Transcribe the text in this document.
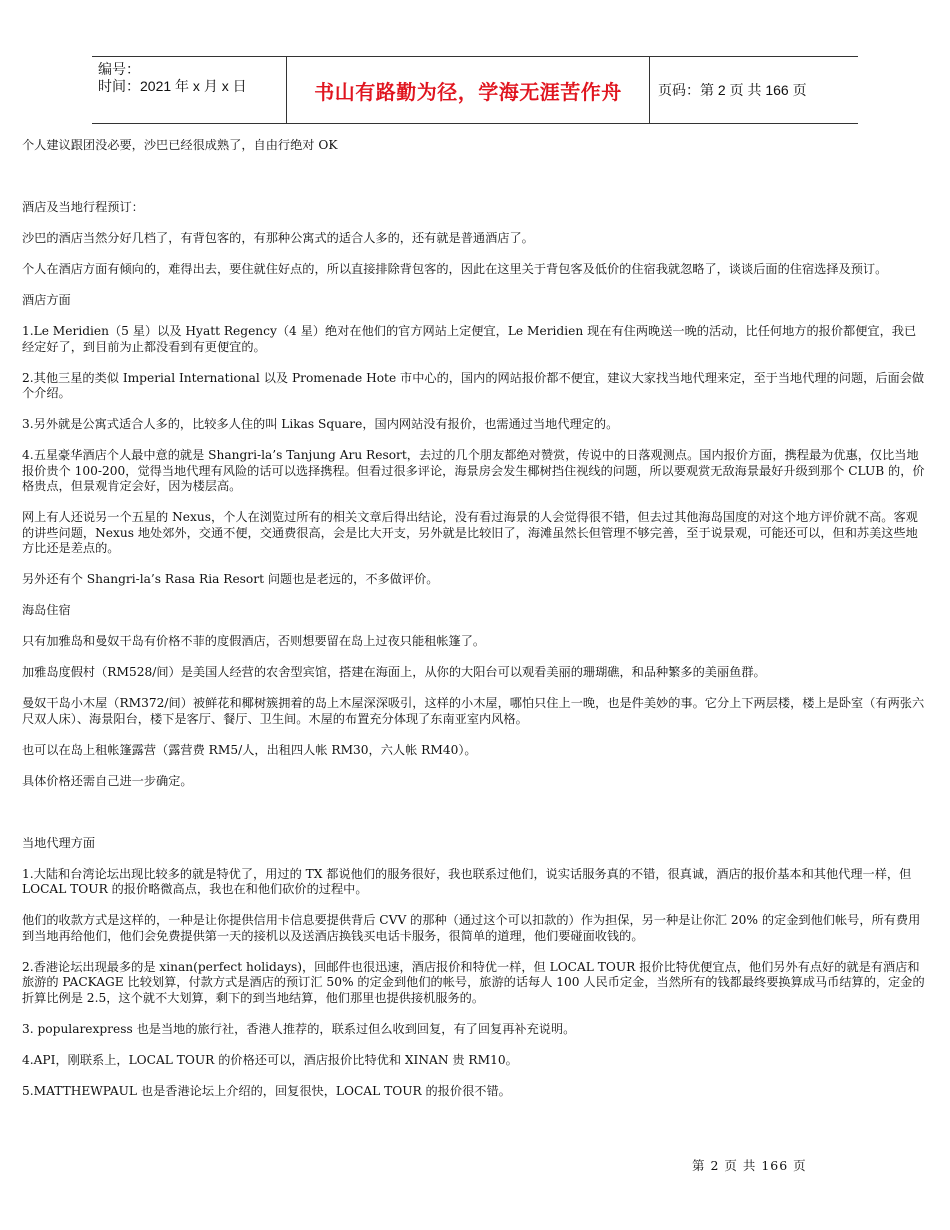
编号：
时间：2021 年 x 月 x 日	书山有路勤为径，学海无涯苦作舟	页码：第 2 页 共 166 页

个人建议跟团没必要，沙巴已经很成熟了，自由行绝对 OK

酒店及当地行程预订：

沙巴的酒店当然分好几档了，有背包客的，有那种公寓式的适合人多的，还有就是普通酒店了。

个人在酒店方面有倾向的，难得出去，要住就住好点的，所以直接排除背包客的，因此在这里关于背包客及低价的住宿我就忽略了，谈谈后面的住宿选择及预订。

酒店方面

1.Le Meridien（5 星）以及 Hyatt Regency（4 星）绝对在他们的官方网站上定便宜，Le Meridien 现在有住两晚送一晚的活动，比任何地方的报价都便宜，我已经定好了，到目前为止都没看到有更便宜的。

2.其他三星的类似 Imperial International 以及 Promenade Hote 市中心的，国内的网站报价都不便宜，建议大家找当地代理来定，至于当地代理的问题，后面会做个介绍。

3.另外就是公寓式适合人多的，比较多人住的叫 Likas Square，国内网站没有报价，也需通过当地代理定的。

4.五星豪华酒店个人最中意的就是 Shangri-la’s Tanjung Aru Resort，去过的几个朋友都绝对赞赏，传说中的日落观测点。国内报价方面，携程最为优惠，仅比当地报价贵个 100-200，觉得当地代理有风险的话可以选择携程。但看过很多评论，海景房会发生椰树挡住视线的问题，所以要观赏无敌海景最好升级到那个 CLUB 的，价格贵点，但景观肯定会好，因为楼层高。

网上有人还说另一个五星的 Nexus，个人在浏览过所有的相关文章后得出结论，没有看过海景的人会觉得很不错，但去过其他海岛国度的对这个地方评价就不高。客观的讲些问题，Nexus 地处郊外，交通不便，交通费很高，会是比大开支，另外就是比较旧了，海滩虽然长但管理不够完善，至于说景观，可能还可以，但和苏美这些地方比还是差点的。

另外还有个 Shangri-la’s Rasa Ria Resort 问题也是老远的，不多做评价。

海岛住宿

只有加雅岛和曼奴干岛有价格不菲的度假酒店，否则想要留在岛上过夜只能租帐篷了。

加雅岛度假村（RM528/间）是美国人经营的农舍型宾馆，搭建在海面上，从你的大阳台可以观看美丽的珊瑚礁，和品种繁多的美丽鱼群。

曼奴干岛小木屋（RM372/间）被鲜花和椰树簇拥着的岛上木屋深深吸引，这样的小木屋，哪怕只住上一晚，也是件美妙的事。它分上下两层楼，楼上是卧室（有两张六尺双人床）、海景阳台，楼下是客厅、餐厅、卫生间。木屋的布置充分体现了东南亚室内风格。

也可以在岛上租帐篷露营（露营费 RM5/人，出租四人帐 RM30，六人帐 RM40）。

具体价格还需自己进一步确定。

当地代理方面

1.大陆和台湾论坛出现比较多的就是特优了，用过的 TX 都说他们的服务很好，我也联系过他们，说实话服务真的不错，很真诚，酒店的报价基本和其他代理一样，但 LOCAL TOUR 的报价略微高点，我也在和他们砍价的过程中。

他们的收款方式是这样的，一种是让你提供信用卡信息要提供背后 CVV 的那种（通过这个可以扣款的）作为担保，另一种是让你汇 20% 的定金到他们帐号，所有费用到当地再给他们，他们会免费提供第一天的接机以及送酒店换钱买电话卡服务，很简单的道理，他们要碰面收钱的。

2.香港论坛出现最多的是 xinan(perfect holidays)，回邮件也很迅速，酒店报价和特优一样，但 LOCAL TOUR 报价比特优便宜点，他们另外有点好的就是有酒店和旅游的 PACKAGE 比较划算，付款方式是酒店的预订汇 50% 的定金到他们的帐号，旅游的话每人 100 人民币定金，当然所有的钱都最终要换算成马币结算的，定金的折算比例是 2.5，这个就不大划算，剩下的到当地结算，他们那里也提供接机服务的。

3. popularexpress 也是当地的旅行社，香港人推荐的，联系过但么收到回复，有了回复再补充说明。

4.API，刚联系上，LOCAL TOUR 的价格还可以，酒店报价比特优和 XINAN 贵 RM10。

5.MATTHEWPAUL 也是香港论坛上介绍的，回复很快，LOCAL TOUR 的报价很不错。

第 2 页 共 166 页
